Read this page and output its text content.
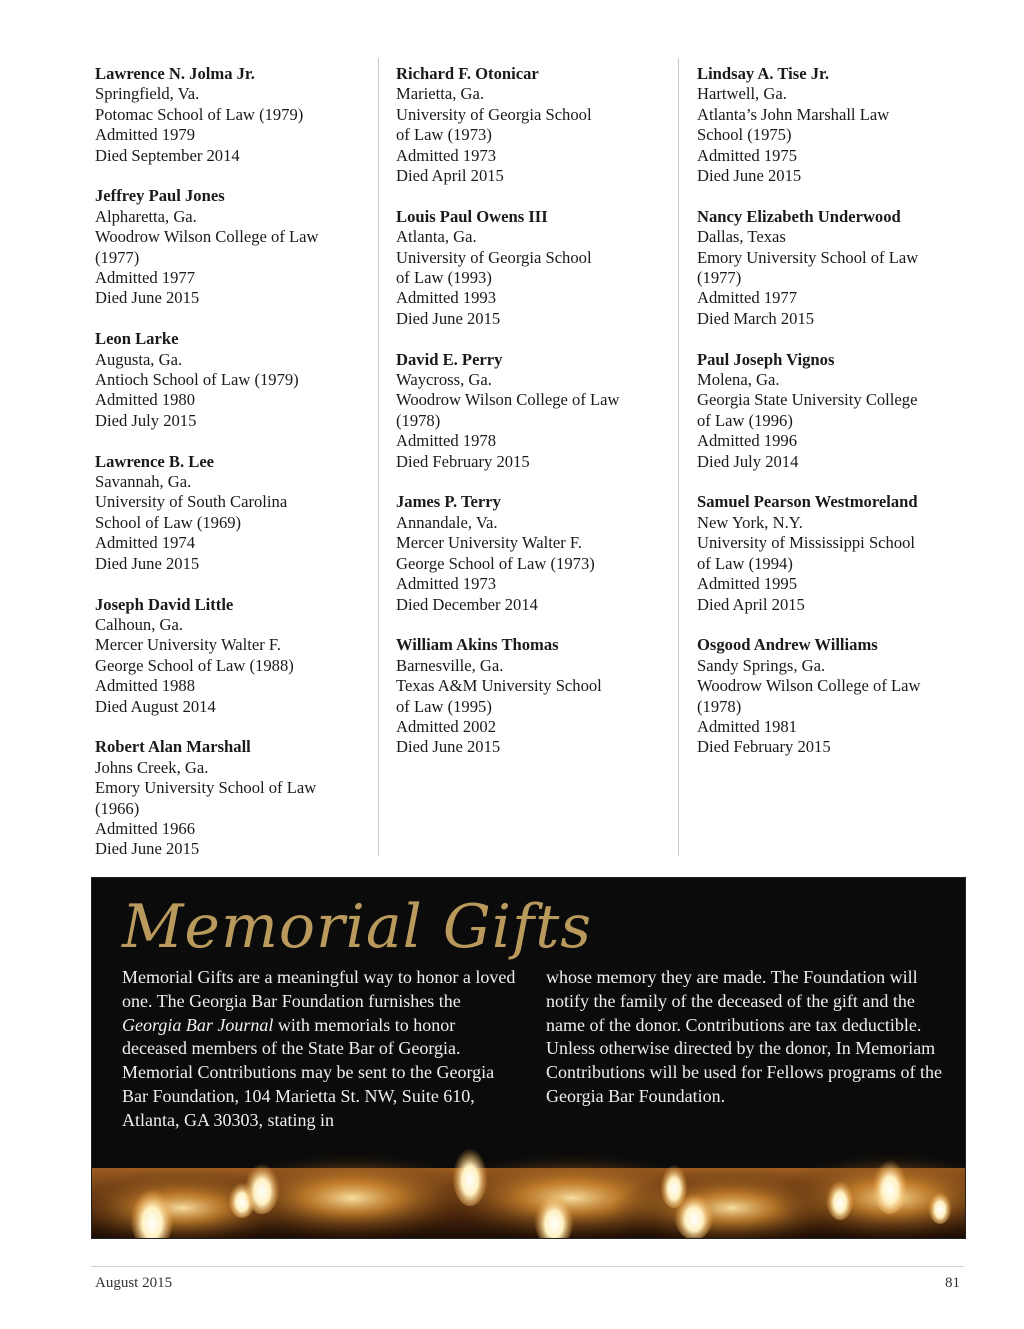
Lawrence N. Jolma Jr.
Springfield, Va.
Potomac School of Law (1979)
Admitted 1979
Died September 2014
Jeffrey Paul Jones
Alpharetta, Ga.
Woodrow Wilson College of Law
(1977)
Admitted 1977
Died June 2015
Leon Larke
Augusta, Ga.
Antioch School of Law (1979)
Admitted 1980
Died July 2015
Lawrence B. Lee
Savannah, Ga.
University of South Carolina
School of Law (1969)
Admitted 1974
Died June 2015
Joseph David Little
Calhoun, Ga.
Mercer University Walter F.
George School of Law (1988)
Admitted 1988
Died August 2014
Robert Alan Marshall
Johns Creek, Ga.
Emory University School of Law
(1966)
Admitted 1966
Died June 2015
Richard F. Otonicar
Marietta, Ga.
University of Georgia School
of Law (1973)
Admitted 1973
Died April 2015
Louis Paul Owens III
Atlanta, Ga.
University of Georgia School
of Law (1993)
Admitted 1993
Died June 2015
David E. Perry
Waycross, Ga.
Woodrow Wilson College of Law
(1978)
Admitted 1978
Died February 2015
James P. Terry
Annandale, Va.
Mercer University Walter F.
George School of Law (1973)
Admitted 1973
Died December 2014
William Akins Thomas
Barnesville, Ga.
Texas A&M University School
of Law (1995)
Admitted 2002
Died June 2015
Lindsay A. Tise Jr.
Hartwell, Ga.
Atlanta’s John Marshall Law
School (1975)
Admitted 1975
Died June 2015
Nancy Elizabeth Underwood
Dallas, Texas
Emory University School of Law
(1977)
Admitted 1977
Died March 2015
Paul Joseph Vignos
Molena, Ga.
Georgia State University College
of Law (1996)
Admitted 1996
Died July 2014
Samuel Pearson Westmoreland
New York, N.Y.
University of Mississippi School
of Law (1994)
Admitted 1995
Died April 2015
Osgood Andrew Williams
Sandy Springs, Ga.
Woodrow Wilson College of Law
(1978)
Admitted 1981
Died February 2015
Memorial Gifts
Memorial Gifts are a meaningful way to honor a loved one. The Georgia Bar Foundation furnishes the Georgia Bar Journal with memorials to honor deceased members of the State Bar of Georgia. Memorial Contributions may be sent to the Georgia Bar Foundation, 104 Marietta St. NW, Suite 610, Atlanta, GA 30303, stating in
whose memory they are made. The Foundation will notify the family of the deceased of the gift and the name of the donor. Contributions are tax deductible. Unless otherwise directed by the donor, In Memoriam Contributions will be used for Fellows programs of the Georgia Bar Foundation.
August 2015	81
